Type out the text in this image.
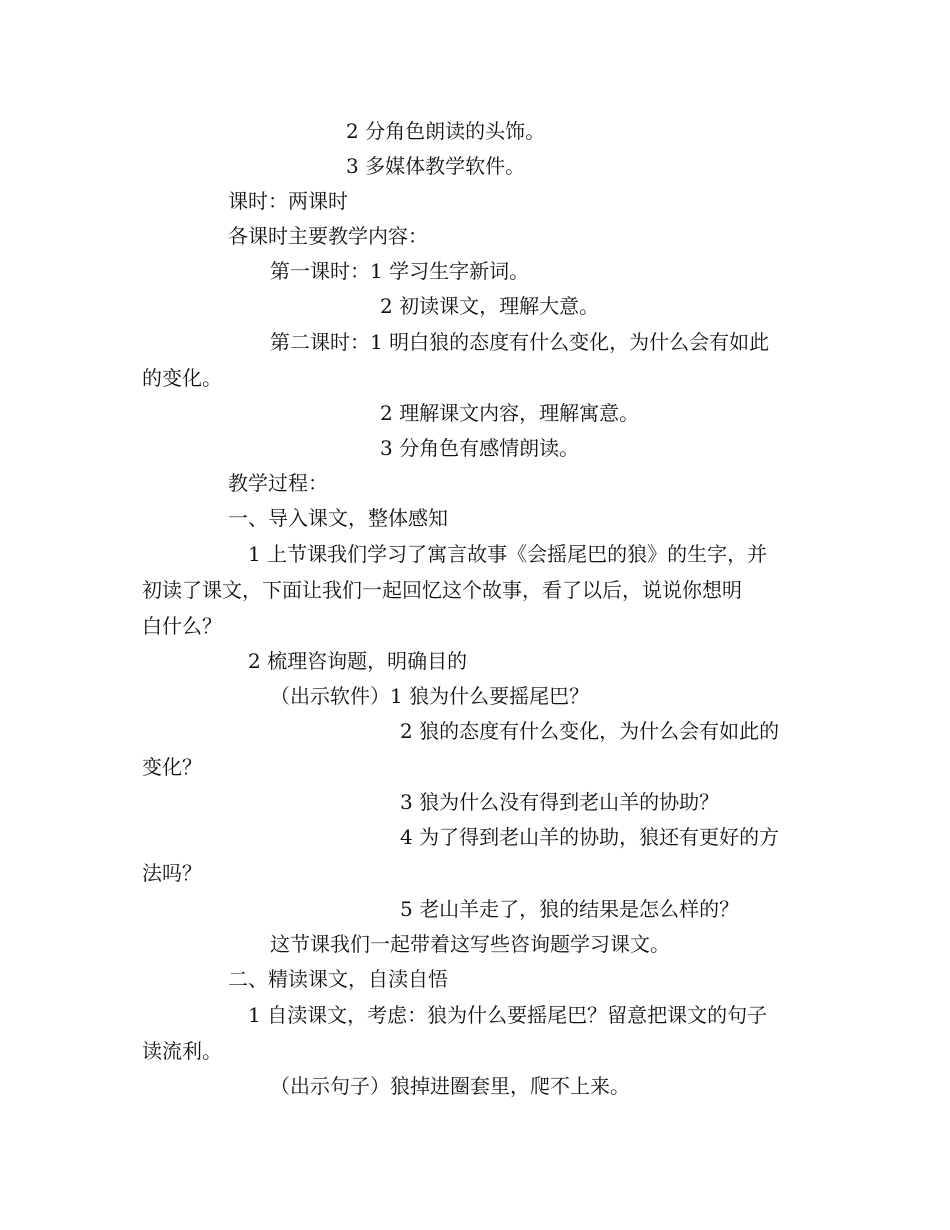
2 分角色朗读的头饰。
3 多媒体教学软件。
课时：两课时
各课时主要教学内容：
第一课时：1 学习生字新词。
2 初读课文，理解大意。
第二课时：1 明白狼的态度有什么变化，为什么会有如此
的变化。
2 理解课文内容，理解寓意。
3 分角色有感情朗读。
教学过程：
一、导入课文，整体感知
1 上节课我们学习了寓言故事《会摇尾巴的狼》的生字，并
初读了课文，下面让我们一起回忆这个故事，看了以后，说说你想明
白什么？
2 梳理咨询题，明确目的
（出示软件）1 狼为什么要摇尾巴？
2 狼的态度有什么变化，为什么会有如此的
变化？
3 狼为什么没有得到老山羊的协助？
4 为了得到老山羊的协助，狼还有更好的方
法吗？
5 老山羊走了，狼的结果是怎么样的？
这节课我们一起带着这写些咨询题学习课文。
二、精读课文，自渎自悟
1 自渎课文，考虑：狼为什么要摇尾巴？留意把课文的句子
读流利。
（出示句子）狼掉进圈套里，爬不上来。
